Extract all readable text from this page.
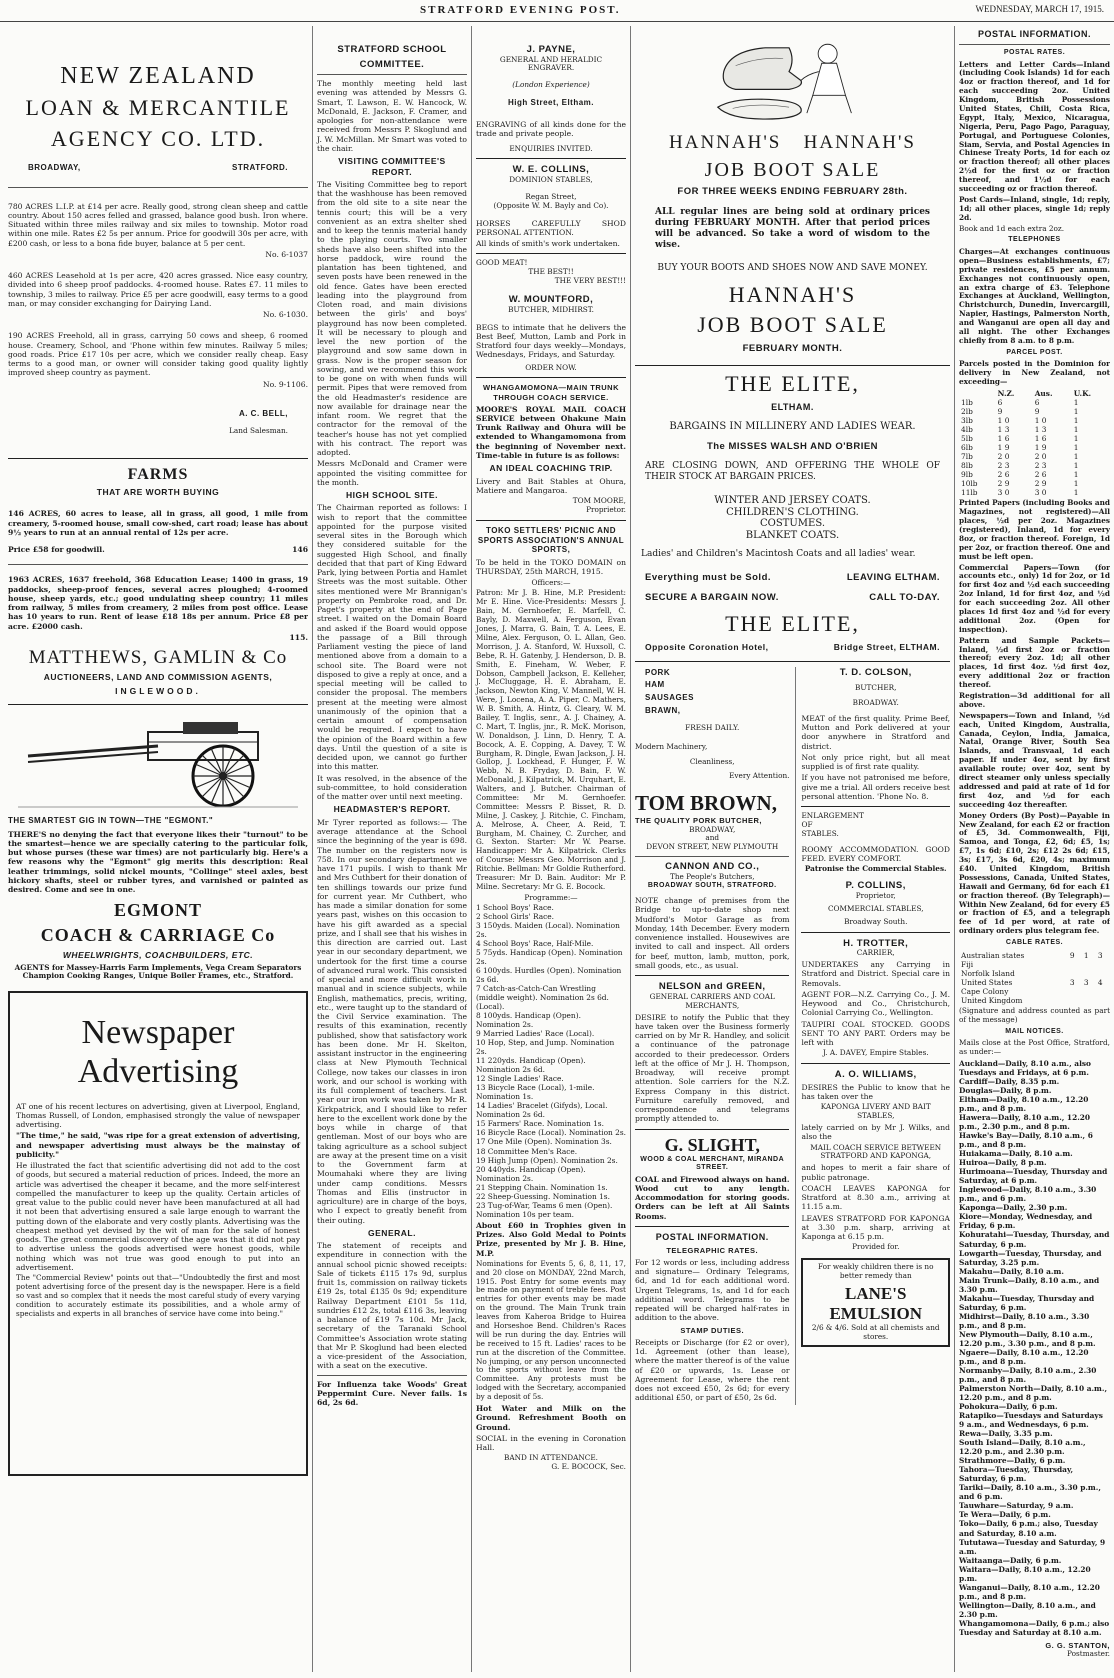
STRATFORD EVENING POST.	WEDNESDAY, MARCH 17, 1915.
NEW ZEALAND
LOAN & MERCANTILE
AGENCY CO. LTD.
BROADWAY,	STRATFORD.

780 ACRES L.I.P. at £14 per acre. Really good, strong clean sheep and cattle country. About 150 acres felled and grassed, balance good bush. Iron where. Situated within three miles railway and six miles to township. Motor road within one mile. Rates £2 5s per annum. Price for goodwill 30s per acre, with £200 cash, or less to a bona fide buyer, balance at 5 per cent.

No. 6-1037

460 ACRES Leasehold at 1s per acre, 420 acres grassed. Nice easy country, divided into 6 sheep proof paddocks. 4-roomed house. Rates £7. 11 miles to township, 3 miles to railway. Price £5 per acre goodwill, easy terms to a good man, or may consider exchanging for Dairying Land.

No. 6-1030.

190 ACRES Freehold, all in grass, carrying 50 cows and sheep, 6 roomed house. Creamery, School, and 'Phone within few minutes. Railway 5 miles; good roads. Price £17 10s per acre, which we consider really cheap. Easy terms to a good man, or owner will consider taking good quality lightly improved sheep country as payment.

No. 9-1106.

A. C. BELL,
Land Salesman.
FARMS
THAT ARE WORTH BUYING

146 ACRES, 60 acres to lease, all in grass, all good, 1 mile from creamery, 5-roomed house, small cow-shed, cart road; lease has about 9½ years to run at an annual rental of 12s per acre.

Price £58 for goodwill.	146

1963 ACRES, 1637 freehold, 368 Education Lease; 1400 in grass, 19 paddocks, sheep-proof fences, several acres ploughed; 4-roomed house, sheep yards, etc.; good undulating sheep country; 11 miles from railway, 5 miles from creamery, 2 miles from post office. Lease has 10 years to run. Rent of lease £18 18s per annum. Price £8 per acre. £2000 cash.

115.

MATTHEWS, GAMLIN & Co
AUCTIONEERS, LAND AND COMMISSION AGENTS,
INGLEWOOD.
THE SMARTEST GIG IN TOWN—THE "EGMONT."

THERE'S no denying the fact that everyone likes their "turnout" to be the smartest—hence we are specially catering to the particular folk, but whose purses (these war times) are not particularly big. Here's a few reasons why the "Egmont" gig merits this description: Real leather trimmings, solid nickel mounts, "Collinge" steel axles, best hickory shafts, steel or rubber tyres, and varnished or painted as desired. Come and see in one.

EGMONT
COACH & CARRIAGE Co
WHEELWRIGHTS, COACHBUILDERS, ETC.
AGENTS for Massey-Harris Farm Implements, Vega Cream Separators Champion Cooking Ranges, Unique Boiler Frames, etc., Stratford.
Newspaper
Advertising

AT one of his recent lectures on advertising, given at Liverpool, England, Thomas Russell, of London, emphasised strongly the value of newspaper advertising.

"The time," he said, "was ripe for a great extension of advertising, and newspaper advertising must always be the mainstay of publicity."

He illustrated the fact that scientific advertising did not add to the cost of goods, but secured a material reduction of prices. Indeed, the more an article was advertised the cheaper it became, and the more self-interest compelled the manufacturer to keep up the quality. Certain articles of great value to the public could never have been manufactured at all had it not been that advertising ensured a sale large enough to warrant the putting down of the elaborate and very costly plants. Advertising was the cheapest method yet devised by the wit of man for the sale of honest goods. The great commercial discovery of the age was that it did not pay to advertise unless the goods advertised were honest goods, while nothing which was not true was good enough to put into an advertisement.

The "Commercial Review" points out that—"Undoubtedly the first and most potent advertising force of the present day is the newspaper. Here is a field so vast and so complex that it needs the most careful study of every varying condition to accurately estimate its possibilities, and a whole army of specialists and experts in all branches of service have come into being."

STRATFORD SCHOOL
COMMITTEE.

The monthly meeting held last evening was attended by Messrs G. Smart, T. Lawson, E. W. Hancock, W. McDonald, E. Jackson, F. Cramer, and apologies for non-attendance were received from Messrs P. Skoglund and J. W. McMillan. Mr Smart was voted to the chair.

VISITING COMMITTEE'S REPORT.

The Visiting Committee beg to report that the washhouse has been removed from the old site to a site near the tennis court; this will be a very convenient as an extra shelter shed and to keep the tennis material handy to the playing courts. Two smaller sheds have also been shifted into the horse paddock, wire round the plantation has been tightened, and seven posts have been renewed in the old fence. Gates have been erected leading into the playground from Cloten road, and main divisions between the girls' and boys' playground has now been completed. It will be necessary to plough and level the new portion of the playground and sow same down in grass. Now is the proper season for sowing, and we recommend this work to be gone on with when funds will permit. Pipes that were removed from the old Headmaster's residence are now available for drainage near the infant room. We regret that the contractor for the removal of the teacher's house has not yet complied with his contract. The report was adopted.

Messrs McDonald and Cramer were appointed the visiting committee for the month.

HIGH SCHOOL SITE.

The Chairman reported as follows: I wish to report that the committee appointed for the purpose visited several sites in the Borough which they considered suitable for the suggested High School, and finally decided that that part of King Edward Park, lying between Portia and Hamlet Streets was the most suitable. Other sites mentioned were Mr Brannigan's property on Pembroke road, and Dr. Paget's property at the end of Page street. I waited on the Domain Board and asked if the Board would oppose the passage of a Bill through Parliament vesting the piece of land mentioned above from a domain to a school site. The Board were not disposed to give a reply at once, and a special meeting will be called to consider the proposal. The members present at the meeting were almost unanimously of the opinion that a certain amount of compensation would be required. I expect to have the opinion of the Board within a few days. Until the question of a site is decided upon, we cannot go further into this matter.

It was resolved, in the absence of the sub-committee, to hold consideration of the matter over until next meeting.

HEADMASTER'S REPORT.

Mr Tyrer reported as follows:— The average attendance at the School since the beginning of the year is 698. The number on the registers now is 758. In our secondary department we have 171 pupils. I wish to thank Mr and Mrs Cuthbert for their donation of ten shillings towards our prize fund for current year. Mr Cuthbert, who has made a similar donation for some years past, wishes on this occasion to have his gift awarded as a special prize, and I shall see that his wishes in this direction are carried out. Last year in our secondary department, we undertook for the first time a course of advanced rural work. This consisted of special and more difficult work in manual and in science subjects, while English, mathematics, precis, writing, etc., were taught up to the standard of the Civil Service examination. The results of this examination, recently published, show that satisfactory work has been done. Mr H. Skelton, assistant instructor in the engineering class at New Plymouth Technical College, now takes our classes in iron work, and our school is working with its full complement of teachers. Last year our iron work was taken by Mr R. Kirkpatrick, and I should like to refer here to the excellent work done by the boys while in charge of that gentleman. Most of our boys who are taking agriculture as a school subject are away at the present time on a visit to the Government farm at Moumahaki where they are living under camp conditions. Messrs Thomas and Ellis (instructor in agriculture) are in charge of the boys, who I expect to greatly benefit from their outing.

GENERAL.

The statement of receipts and expenditure in connection with the annual school picnic showed receipts: Sale of tickets £115 17s 9d, surplus fruit 1s, commission on railway tickets £19 2s, total £135 0s 9d; expenditure Railway Department £101 5s 11d, sundries £12 2s, total £116 3s, leaving a balance of £19 7s 10d. Mr Jack, secretary of the Taranaki School Committee's Association wrote stating that Mr P. Skoglund had been elected a vice-president of the Association, with a seat on the executive.

For Influenza take Woods' Great Peppermint Cure. Never fails. 1s 6d, 2s 6d.

J. PAYNE,
GENERAL AND HERALDIC ENGRAVER.
(London Experience)
High Street, Eltham.

ENGRAVING of all kinds done for the trade and private people.

ENQUIRIES INVITED.
W. E. COLLINS,
DOMINION STABLES,
Regan Street,
(Opposite W. M. Bayly and Co).

HORSES CAREFULLY SHOD PERSONAL ATTENTION.

All kinds of smith's work undertaken.

GOOD MEAT!
THE BEST!!
THE VERY BEST!!!
W. MOUNTFORD,
BUTCHER, MIDHIRST.

BEGS to intimate that he delivers the Best Beef, Mutton, Lamb and Pork in Stratford four days weekly—Mondays, Wednesdays, Fridays, and Saturday.

ORDER NOW.
WHANGAMOMONA—MAIN TRUNK THROUGH COACH SERVICE.

MOORE'S ROYAL MAIL COACH SERVICE between Ohakune Main Trunk Railway and Ohura will be extended to Whangamomona from the beginning of November next. Time-table in future is as follows:

AN IDEAL COACHING TRIP.

Livery and Bait Stables at Ohura, Matiere and Mangaroa.

TOM MOORE,
Proprietor.
TOKO SETTLERS' PICNIC AND SPORTS ASSOCIATION'S ANNUAL SPORTS,

To be held in the TOKO DOMAIN on THURSDAY, 25th MARCH, 1915.

Officers:—

Patron: Mr J. B. Hine, M.P. President: Mr E. Hine. Vice-Presidents: Messrs J. Bain, M. Gernhoefer, E. Marfell, C. Bayly, D. Maxwell, A. Ferguson, Evan Jones, J. Marra, G. Bain, T. A. Lees, E. Milne, Alex. Ferguson, O. L. Allan, Geo. Morrison, J. A. Stanford, W. Huxsoll, C. Bebe, R. H. Gatenby, J. Henderson, D. B. Smith, E. Fineham, W. Weber, F. Dobson, Campbell Jackson, E. Kelleher, J. McCluggage, H. E. Abraham, E. Jackson, Newton King, V. Mannell, W. H. Were, J. Locena, A. A. Piper, C. Mathers, W. B. Smith, A. Hintz, G. Cleary, W. M. Bailey, T. Inglis, senr., A. J. Chainey, A. C. Mart, T. Inglis, jnr., R. McK. Morison, W. Donaldson, J. Linn, D. Henry, T. A. Bocock, A. E. Copping, A. Davey, T. W. Burgham, R. Dingle, Ewan Jackson, J. H. Gollop, J. Lockhead, F. Hunger, F. W. Webb, N. B. Fryday, D. Bain, F. W. McDonald, J. Kilpatrick, M. Urquhart, E. Walters, and J. Butcher. Chairman of Committee: Mr M. Gernhoefer. Committee: Messrs P. Bisset, R. D. Milne, J. Caskey, J. Ritchie, C. Fincham, A. Melrose, A. Cheer, A. Reid, T. Burgham, M. Chainey, C. Zurcher, and G. Sexton. Starter: Mr W. Pearse. Handicapper: Mr A. Kilpatrick. Clerks of Course: Messrs Geo. Morrison and J. Ritchie. Bellman: Mr Goldie Rutherford. Treasurer: Mr D. Bain. Auditor: Mr P. Milne. Secretary: Mr G. E. Bocock.

Programme:—
1 School Boys' Race.
2 School Girls' Race.
3 150yds. Maiden (Local). Nomination 2s.
4 School Boys' Race, Half-Mile.
5 75yds. Handicap (Open). Nomination 2s.
6 100yds. Hurdles (Open). Nomination 2s 6d.
7 Catch-as-Catch-Can Wrestling (middle weight). Nomination 2s 6d. (Local).
8 100yds. Handicap (Open). Nomination 2s.
9 Married Ladies' Race (Local).
10 Hop, Step, and Jump. Nomination 2s.
11 220yds. Handicap (Open). Nomination 2s 6d.
12 Single Ladies' Race.
13 Bicycle Race (Local), 1-mile. Nomination 1s.
14 Ladies' Bracelet (Gifyds), Local. Nomination 2s 6d.
15 Farmers' Race. Nomination 1s.
16 Bicycle Race (Local). Nomination 2s.
17 One Mile (Open). Nomination 3s.
18 Committee Men's Race.
19 High Jump (Open). Nomination 2s.
20 440yds. Handicap (Open). Nomination 2s.
21 Stepping Chain. Nomination 1s.
22 Sheep-Guessing. Nomination 1s.
23 Tug-of-War, Teams 6 men (Open). Nomination 10s per team.

About £60 in Trophies given in Prizes. Also Gold Medal to Points Prize, presented by Mr J. B. Hine, M.P.

Nominations for Events 5, 6, 8, 11, 17, and 20 close on MONDAY, 22nd March, 1915. Post Entry for some events may be made on payment of treble fees. Post entries for other events may be made on the ground. The Main Trunk train leaves from Kaheroa Bridge to Huirea and Horseshoe Bend. Children's Races will be run during the day. Entries will be received to 15 ft. Ladies' races to be run at the discretion of the Committee. No jumping, or any person unconnected to the sports without leave from the Committee. Any protests must be lodged with the Secretary, accompanied by a deposit of 5s.

Hot Water and Milk on the Ground. Refreshment Booth on Ground.

SOCIAL in the evening in Coronation Hall.

BAND IN ATTENDANCE.
G. E. BOCOCK, Sec.
HANNAH'S HANNAH'S
JOB BOOT SALE
FOR THREE WEEKS ENDING FEBRUARY 28th.

ALL regular lines are being sold at ordinary prices during FEBRUARY MONTH. After that period prices will be advanced. So take a word of wisdom to the wise.

BUY YOUR BOOTS AND SHOES NOW AND SAVE MONEY.
HANNAH'S
JOB BOOT SALE
FEBRUARY MONTH.
THE ELITE,
ELTHAM.
BARGAINS IN MILLINERY AND LADIES WEAR.
The MISSES WALSH AND O'BRIEN

ARE CLOSING DOWN, AND OFFERING THE WHOLE OF THEIR STOCK AT BARGAIN PRICES.

WINTER AND JERSEY COATS.
CHILDREN'S CLOTHING.
COSTUMES.
BLANKET COATS.

Ladies' and Children's Macintosh Coats and all ladies' wear.

Everything must be Sold.	LEAVING ELTHAM.
SECURE A BARGAIN NOW.	CALL TO-DAY.
THE ELITE,
Opposite Coronation Hotel,	Bridge Street, ELTHAM.
PORK
HAM
SAUSAGES
BRAWN,
FRESH DAILY.
Modern Machinery,
Cleanliness,
Every Attention.
TOM BROWN,
THE QUALITY PORK BUTCHER,
BROADWAY,
and
DEVON STREET, NEW PLYMOUTH
CANNON AND CO.,
The People's Butchers,
BROADWAY SOUTH, STRATFORD.

NOTE change of premises from the Bridge to up-to-date shop next Mudford's Motor Garage as from Monday, 14th December. Every modern convenience installed. Housewives are invited to call and inspect. All orders for beef, mutton, lamb, mutton, pork, small goods, etc., as usual.

NELSON and GREEN,
GENERAL CARRIERS AND COAL MERCHANTS,

DESIRE to notify the Public that they have taken over the Business formerly carried on by Mr R. Handley, and solicit a continuance of the patronage accorded to their predecessor. Orders left at the office of Mr J. H. Thompson, Broadway, will receive prompt attention. Sole carriers for the N.Z. Express Company in this district. Furniture carefully removed, and correspondence and telegrams promptly attended to.

G. SLIGHT,
WOOD & COAL MERCHANT, MIRANDA STREET.

COAL and Firewood always on hand. Wood cut to any length. Accommodation for storing goods. Orders can be left at All Saints Rooms.

POSTAL INFORMATION.
TELEGRAPHIC RATES.

For 12 words or less, including address and signature— Ordinary Telegrams, 6d, and 1d for each additional word. Urgent Telegrams, 1s, and 1d for each additional word. Telegrams to be repeated will be charged half-rates in addition to the above.

STAMP DUTIES.

Receipts or Discharge (for £2 or over), 1d. Agreement (other than lease), where the matter thereof is of the value of £20 or upwards, 1s. Lease or Agreement for Lease, where the rent does not exceed £50, 2s 6d; for every additional £50, or part of £50, 2s 6d.

T. D. COLSON,
BUTCHER,
BROADWAY.

MEAT of the first quality. Prime Beef, Mutton and Pork delivered at your door anywhere in Stratford and district.

Not only price right, but all meat supplied is of first rate quality.

If you have not patronised me before, give me a trial. All orders receive best personal attention. 'Phone No. 8.

ENLARGEMENT
OF
STABLES.

ROOMY ACCOMMODATION. GOOD FEED. EVERY COMFORT.

Patronise the Commercial Stables.
P. COLLINS,
Proprietor,
COMMERCIAL STABLES,
Broadway South.
H. TROTTER,
CARRIER,

UNDERTAKES any Carrying in Stratford and District. Special care in Removals.

AGENT FOR—N.Z. Carrying Co., J. M. Heywood and Co., Christchurch, Colonial Carrying Co., Wellington.

TAUPIRI COAL STOCKED. GOODS SENT TO ANY PART. Orders may be left with

J. A. DAVEY, Empire Stables.
A. O. WILLIAMS,

DESIRES the Public to know that he has taken over the

KAPONGA LIVERY AND BAIT STABLES,

lately carried on by Mr J. Wilks, and also the

MAIL COACH SERVICE BETWEEN STRATFORD AND KAPONGA,

and hopes to merit a fair share of public patronage.

COACH LEAVES KAPONGA for Stratford at 8.30 a.m., arriving at 11.15 a.m.

LEAVES STRATFORD FOR KAPONGA at 3.30 p.m. sharp, arriving at Kaponga at 6.15 p.m.

Provided for.
For weakly children there is no better remedy than
LANE'S EMULSION
2/6 & 4/6. Sold at all chemists and stores.
POSTAL INFORMATION.
POSTAL RATES.

Letters and Letter Cards—Inland (including Cook Islands) 1d for each 4oz or fraction thereof, and 1d for each succeeding 2oz. United Kingdom, British Possessions United States, Chili, Costa Rica, Egypt, Italy, Mexico, Nicaragua, Nigeria, Peru, Pago Pago, Paraguay, Portugal, and Portuguese Colonies, Siam, Servia, and Postal Agencies in Chinese Treaty Ports, 1d for each oz or fraction thereof; all other places 2½d for the first oz or fraction thereof, and 1½d for each succeeding oz or fraction thereof.

Post Cards—Inland, single, 1d; reply, 1d; all other places, single 1d; reply 2d.

Book and 1d each extra 2oz.

TELEPHONES

Charges—At exchanges continuous open—Business establishments, £7; private residences, £5 per annum. Exchanges not continuously open, an extra charge of £3. Telephone Exchanges at Auckland, Wellington, Christchurch, Dunedin, Invercargill, Napier, Hastings, Palmerston North, and Wanganui are open all day and all night. The other Exchanges chiefly from 8 a.m. to 8 p.m.

PARCEL POST.

Parcels posted in the Dominion for delivery in New Zealand, not exceeding—

	N.Z.	Aus.	U.K.
1lb	6	6	1
2lb	9	9	1
3lb	1 0	1 0	1
4lb	1 3	1 3	1
5lb	1 6	1 6	1
6lb	1 9	1 9	1
7lb	2 0	2 0	1
8lb	2 3	2 3	1
9lb	2 6	2 6	1
10lb	2 9	2 9	1
11lb	3 0	3 0	1

Printed Papers (including Books and Magazines, not registered)—All places, ½d per 2oz. Magazines (registered), Inland, 1d for every 8oz, or fraction thereof. Foreign, 1d per 2oz, or fraction thereof. One and must be left open.

Commercial Papers—Town (for accounts etc., only) 1d for 2oz, or 1d for first 4oz and ½d each succeeding 2oz Inland, 1d for first 4oz, and ½d for each succeeding 2oz. All other places 1d first 4oz and ½d for every additional 2oz. (Open for inspection).

Pattern and Sample Packets—Inland, ½d first 2oz or fraction thereof; every 2oz. 1d; all other places, 1d first 4oz. ½d first 4oz, every additional 2oz or fraction thereof.

Registration—3d additional for all above.

Newspapers—Town and Inland, ½d each, United Kingdom, Australia, Canada, Ceylon, India, Jamaica, Natal, Orange River, South Sea Islands, and Transvaal, 1d each paper. If under 4oz, sent by first available route; over 4oz, sent by direct steamer only unless specially addressed and paid at rate of 1d for first 4oz, and ½d for each succeeding 4oz thereafter.

Money Orders (By Post)—Payable in New Zealand, for each £2 or fraction of £5, 3d. Commonwealth, Fiji, Samoa, and Tonga, £2, 6d; £5, 1s; £7, 1s 6d; £10, 2s; £12 2s 6d; £15, 3s; £17, 3s 6d, £20, 4s; maximum £40. United Kingdom, British Possessions, Canada, United States, Hawaii and Germany, 6d for each £1 or fraction thereof. (By Telegraph)—Within New Zealand, 6d for every £5 or fraction of £5, and a telegraph fee of 1d per word, at rate of ordinary orders plus telegram fee.

CABLE RATES.
Australian states	9	1	3
Fiji			
Norfolk Island			
United States	3	3	4
Cape Colony			
United Kingdom			

(Signature and address counted as part of the message)

MAIL NOTICES.

Mails close at the Post Office, Stratford, as under:—

Auckland—Daily, 8.10 a.m., also Tuesdays and Fridays, at 6 p.m.
Cardiff—Daily, 8.35 p.m.
Douglas—Daily, 8 p.m.
Eltham—Daily, 8.10 a.m., 12.20 p.m., and 8 p.m.
Hawera—Daily, 8.10 a.m., 12.20 p.m., 2.30 p.m., and 8 p.m.
Hawke's Bay—Daily, 8.10 a.m., 6 p.m., and 8 p.m.
Huiakama—Daily, 8.10 a.m.
Huiroa—Daily, 8 p.m.
Hurimoana—Tuesday, Thursday and Saturday, at 6 p.m.
Inglewood—Daily, 8.10 a.m., 3.30 p.m., and 6 p.m.
Kaponga—Daily, 2.30 p.m.
Kiore—Monday, Wednesday, and Friday, 6 p.m.
Kohuratahi—Tuesday, Thursday, and Saturday, 6 p.m.
Lowgarth—Tuesday, Thursday, and Saturday, 3.25 p.m.
Makahu—Daily, 8.10 a.m.
Main Trunk—Daily, 8.10 a.m., and 3.30 p.m.
Makahu—Tuesday, Thursday and Saturday, 6 p.m.
Midhirst—Daily, 8.10 a.m., 3.30 p.m., and 8 p.m.
New Plymouth—Daily, 8.10 a.m., 12.20 p.m., 3.30 p.m., and 8 p.m.
Ngaere—Daily, 8.10 a.m., 12.20 p.m., and 8 p.m.
Normanby—Daily, 8.10 a.m., 2.30 p.m., and 8 p.m.
Palmerston North—Daily, 8.10 a.m., 12.20 p.m., and 8 p.m.
Pohokura—Daily, 6 p.m.
Ratapiko—Tuesdays and Saturdays 9 a.m., and Wednesdays, 6 p.m.
Rewa—Daily, 3.35 p.m.
South Island—Daily, 8.10 a.m., 12.20 p.m., and 2.30 p.m.
Strathmore—Daily, 6 p.m.
Tahora—Tuesday, Thursday, Saturday, 6 p.m.
Tariki—Daily, 8.10 a.m., 3.30 p.m., and 6 p.m.
Tauwhare—Saturday, 9 a.m.
Te Wera—Daily, 6 p.m.
Toko—Daily, 6 p.m.; also, Tuesday and Saturday, 8.10 a.m.
Tututawa—Tuesday and Saturday, 9 a.m.
Waitaanga—Daily, 6 p.m.
Waitara—Daily, 8.10 a.m., 12.20 p.m.
Wanganui—Daily, 8.10 a.m., 12.20 p.m., and 8 p.m.
Wellington—Daily, 8.10 a.m., and 2.30 p.m.
Whangamomona—Daily, 6 p.m.; also Tuesday and Saturday at 8.10 a.m.
G. G. STANTON,
Postmaster.
